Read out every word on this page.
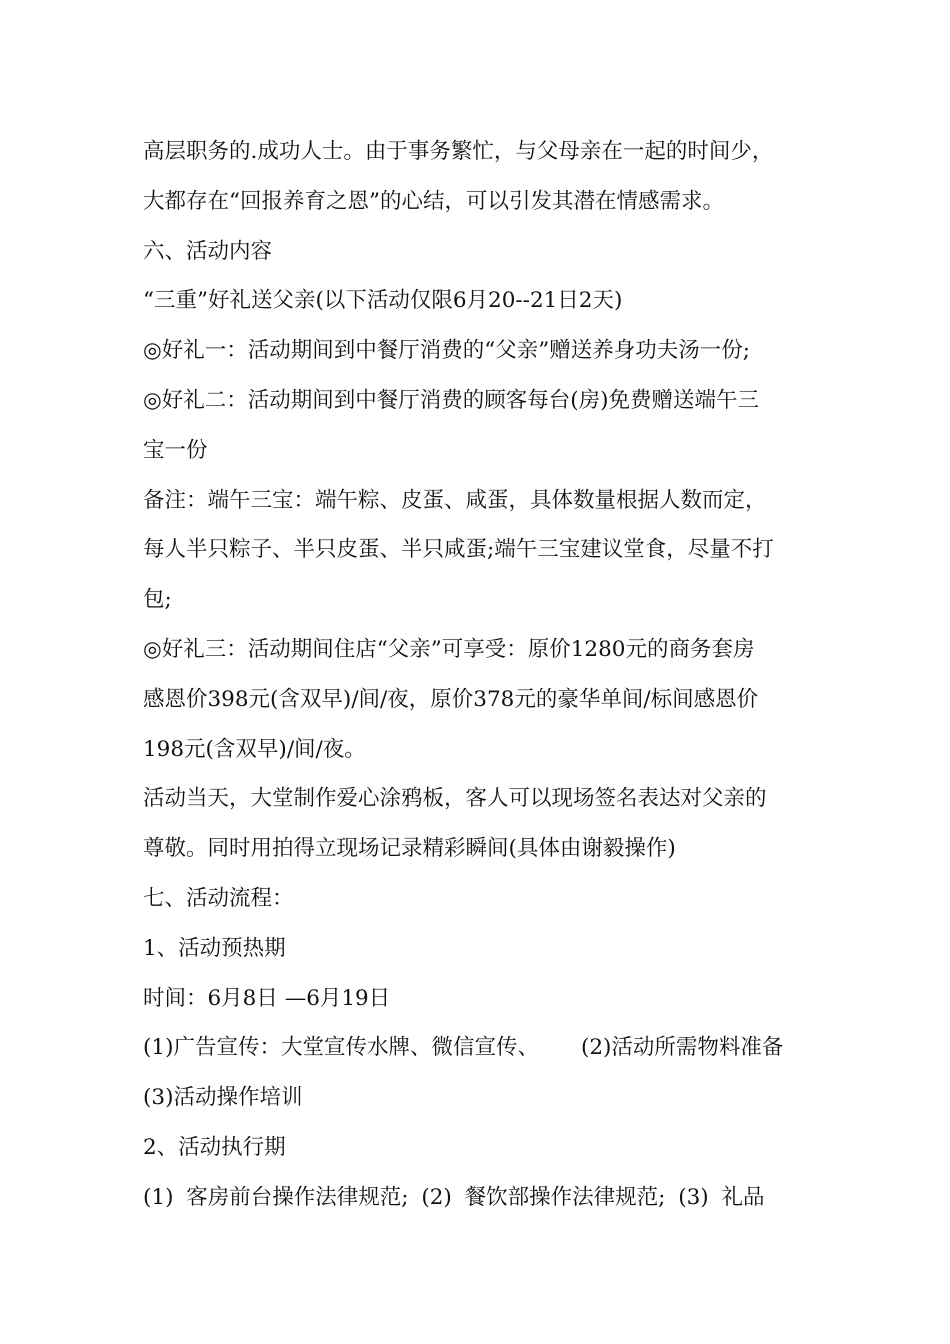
高层职务的.成功人士。由于事务繁忙，与父母亲在一起的时间少，
大都存在“回报养育之恩”的心结，可以引发其潜在情感需求。
六、活动内容
“三重”好礼送父亲(以下活动仅限6月20--21日2天)
◎好礼一：活动期间到中餐厅消费的“父亲”赠送养身功夫汤一份;
◎好礼二：活动期间到中餐厅消费的顾客每台(房)免费赠送端午三
宝一份
备注：端午三宝：端午粽、皮蛋、咸蛋，具体数量根据人数而定，
每人半只粽子、半只皮蛋、半只咸蛋;端午三宝建议堂食，尽量不打
包;
◎好礼三：活动期间住店“父亲”可享受：原价1280元的商务套房
感恩价398元(含双早)/间/夜，原价378元的豪华单间/标间感恩价
198元(含双早)/间/夜。
活动当天，大堂制作爱心涂鸦板，客人可以现场签名表达对父亲的
尊敬。同时用拍得立现场记录精彩瞬间(具体由谢毅操作)
七、活动流程：
1、活动预热期
时间：6月8日 —6月19日
(1)广告宣传：大堂宣传水牌、微信宣传、 (2)活动所需物料准备
(3)活动操作培训
2、活动执行期
(1) 客房前台操作法律规范; (2) 餐饮部操作法律规范; (3) 礼品
